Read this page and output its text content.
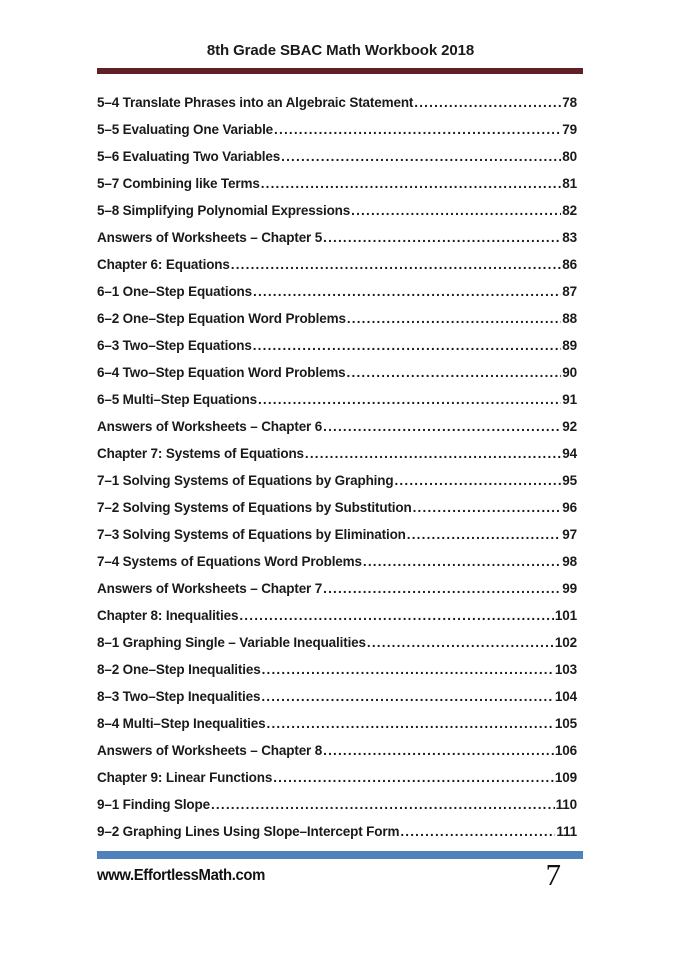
8th Grade SBAC Math Workbook 2018
5–4 Translate Phrases into an Algebraic Statement .....	78
5–5 Evaluating One Variable .....	79
5–6 Evaluating Two Variables .....	80
5–7 Combining like Terms .....	81
5–8 Simplifying Polynomial Expressions .....	82
Answers of Worksheets – Chapter 5 .....	83
Chapter 6: Equations .....	86
6–1 One–Step Equations .....	87
6–2 One–Step Equation Word Problems .....	88
6–3 Two–Step Equations .....	89
6–4 Two–Step Equation Word Problems .....	90
6–5 Multi–Step Equations .....	91
Answers of Worksheets – Chapter 6 .....	92
Chapter 7: Systems of Equations .....	94
7–1 Solving Systems of Equations by Graphing .....	95
7–2 Solving Systems of Equations by Substitution .....	96
7–3 Solving Systems of Equations by Elimination .....	97
7–4 Systems of Equations Word Problems .....	98
Answers of Worksheets – Chapter 7 .....	99
Chapter 8: Inequalities .....	101
8–1 Graphing Single – Variable Inequalities .....	102
8–2 One–Step Inequalities .....	103
8–3 Two–Step Inequalities .....	104
8–4 Multi–Step Inequalities .....	105
Answers of Worksheets – Chapter 8 .....	106
Chapter 9: Linear Functions .....	109
9–1 Finding Slope .....	110
9–2 Graphing Lines Using Slope–Intercept Form .....	111
www.EffortlessMath.com	7
